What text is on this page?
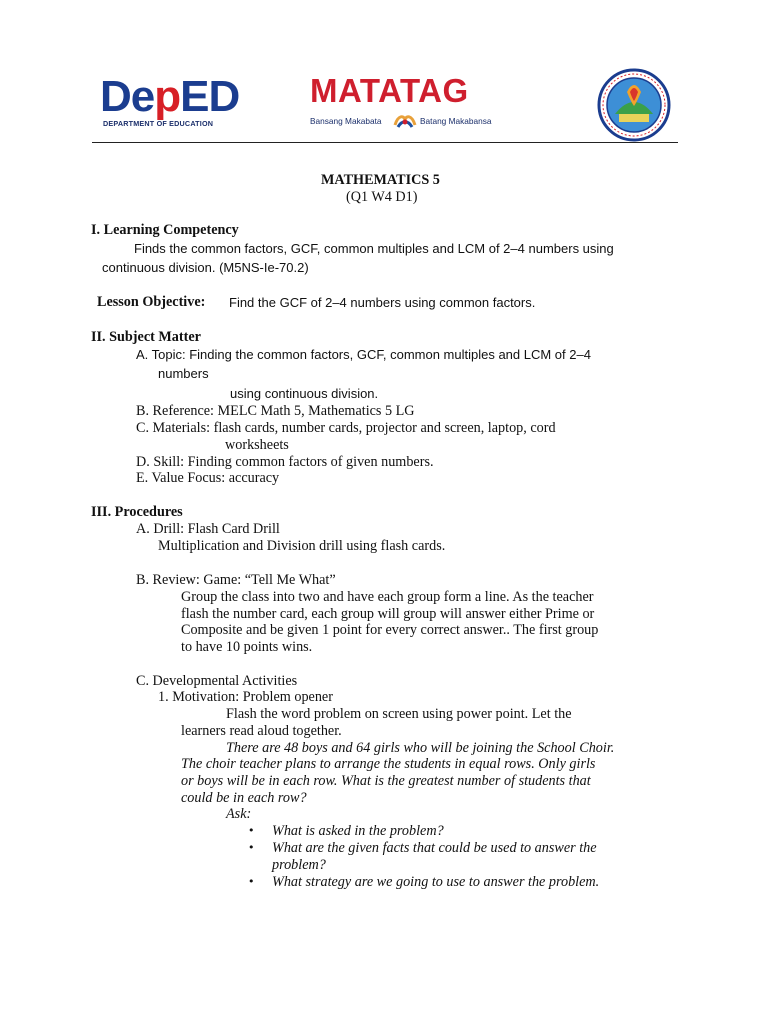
DepED
DEPARTMENT OF EDUCATION
MATATAG
Bansang Makabata	Batang Makabansa
MATHEMATICS 5
(Q1 W4 D1)
I. Learning Competency
Finds the common factors, GCF, common multiples and LCM of 2–4 numbers using
continuous division. (M5NS-Ie-70.2)
Lesson Objective: Find the GCF of 2–4 numbers using common factors.
II. Subject Matter
A. Topic: Finding the common factors, GCF, common multiples and LCM of 2–4
numbers
using continuous division.
B. Reference: MELC Math 5, Mathematics 5 LG
C. Materials: flash cards, number cards, projector and screen, laptop, cord
worksheets
D. Skill: Finding common factors of given numbers.
E. Value Focus: accuracy
III. Procedures
A. Drill: Flash Card Drill
Multiplication and Division drill using flash cards.
B. Review: Game: “Tell Me What”
Group the class into two and have each group form a line. As the teacher
flash the number card, each group will group will answer either Prime or
Composite and be given 1 point for every correct answer.. The first group
to have 10 points wins.
C. Developmental Activities
1. Motivation: Problem opener
Flash the word problem on screen using power point. Let the
learners read aloud together.
There are 48 boys and 64 girls who will be joining the School Choir.
The choir teacher plans to arrange the students in equal rows. Only girls
or boys will be in each row. What is the greatest number of students that
could be in each row?
Ask:
• What is asked in the problem?
• What are the given facts that could be used to answer the
problem?
• What strategy are we going to use to answer the problem.
